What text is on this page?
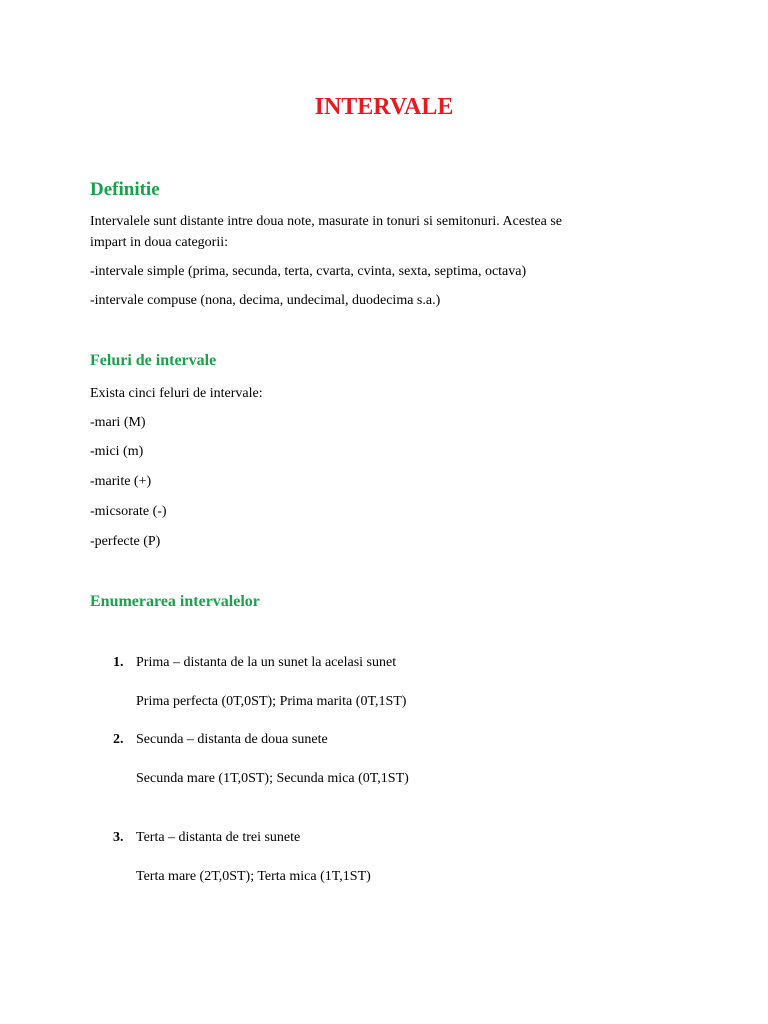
INTERVALE
Definitie

Intervalele sunt distante intre doua note, masurate in tonuri si semitonuri. Acestea se

impart in doua categorii:

-intervale simple (prima, secunda, terta, cvarta, cvinta, sexta, septima, octava)

-intervale compuse (nona, decima, undecimal, duodecima s.a.)

Feluri de intervale

Exista cinci feluri de intervale:

-mari (M)

-mici (m)

-marite (+)

-micsorate (-)

-perfecte (P)

Enumerarea intervalelor
1. Prima – distanta de la un sunet la acelasi sunet
Prima perfecta (0T,0ST); Prima marita (0T,1ST)
2. Secunda – distanta de doua sunete
Secunda mare (1T,0ST); Secunda mica (0T,1ST)
3. Terta – distanta de trei sunete
Terta mare (2T,0ST); Terta mica (1T,1ST)
